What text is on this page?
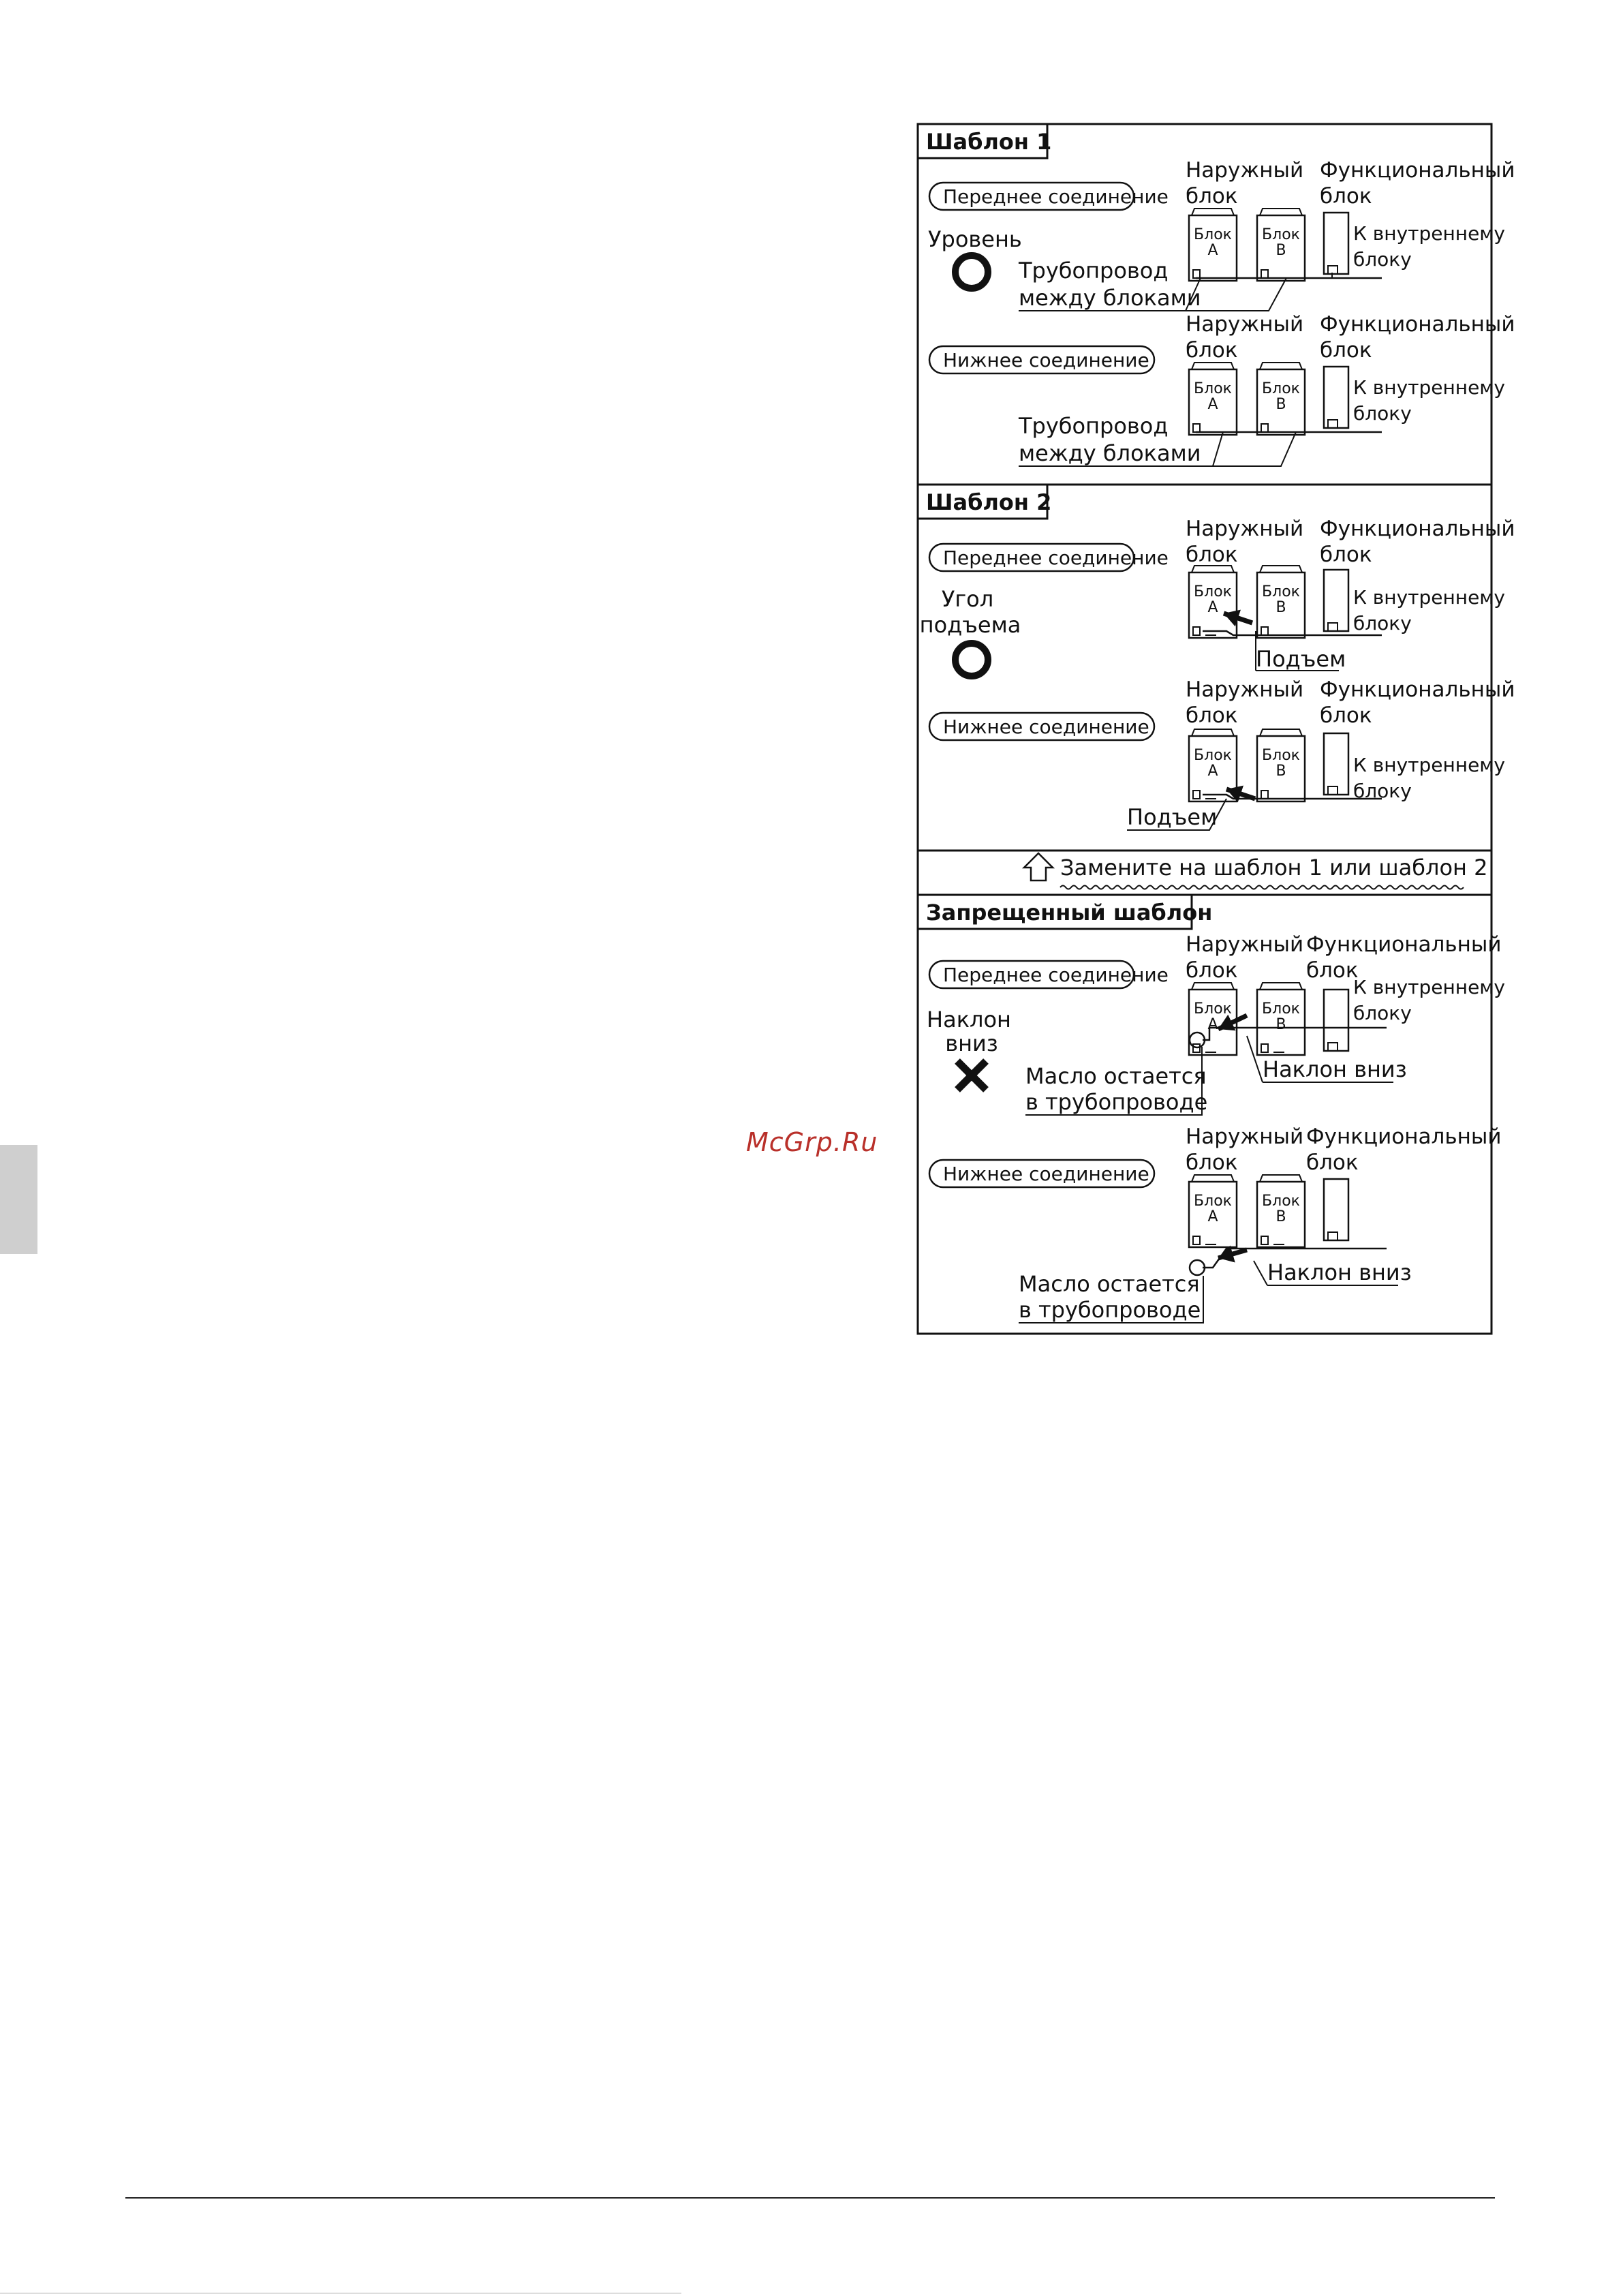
McGrp.Ru
Шаблон 1
Переднее соединение
Уровень
Наружный
блок
Функциональный
блок
Блок
A
Блок
B
К внутреннему
блоку
Трубопровод
между блоками
Нижнее соединение
Наружный
блок
Функциональный
блок
Блок
A
Блок
B
К внутреннему
блоку
Трубопровод
между блоками
Шаблон 2
Переднее соединение
Угол
подъема
Наружный
блок
Функциональный
блок
Блок
A
Блок
B	К внутреннему
блоку
Подъем
Нижнее соединение
Наружный
блок
Функциональный
блок
Блок
A
Блок
B	К внутреннему
блоку
Подъем
Замените на шаблон 1 или шаблон 2
Запрещенный шаблон
Переднее соединение
Наклон
вниз
Наружный
блок
Функциональный
блок
Блок
A
Блок
B
К внутреннему
блоку
Масло остается
в трубопроводе
Наклон вниз
Нижнее соединение
Наружный
блок
Функциональный
блок
Блок
A
Блок
B
Масло остается
в трубопроводе
Наклон вниз
